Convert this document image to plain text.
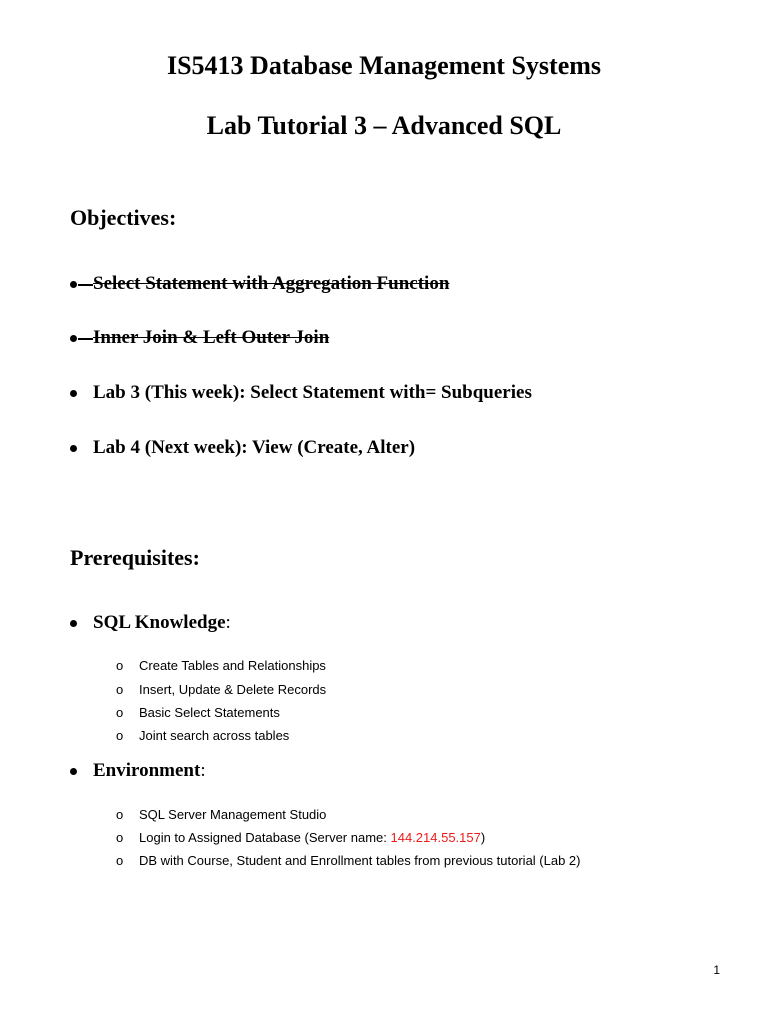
IS5413 Database Management Systems
Lab Tutorial 3 – Advanced SQL
Objectives:
Select Statement with Aggregation Function
Inner Join & Left Outer Join
Lab 3 (This week): Select Statement with= Subqueries
Lab 4 (Next week): View (Create, Alter)
Prerequisites:
SQL Knowledge:
o Create Tables and Relationships
o Insert, Update & Delete Records
o Basic Select Statements
o Joint search across tables
Environment:
o SQL Server Management Studio
o Login to Assigned Database (Server name: 144.214.55.157)
o DB with Course, Student and Enrollment tables from previous tutorial (Lab 2)
1
